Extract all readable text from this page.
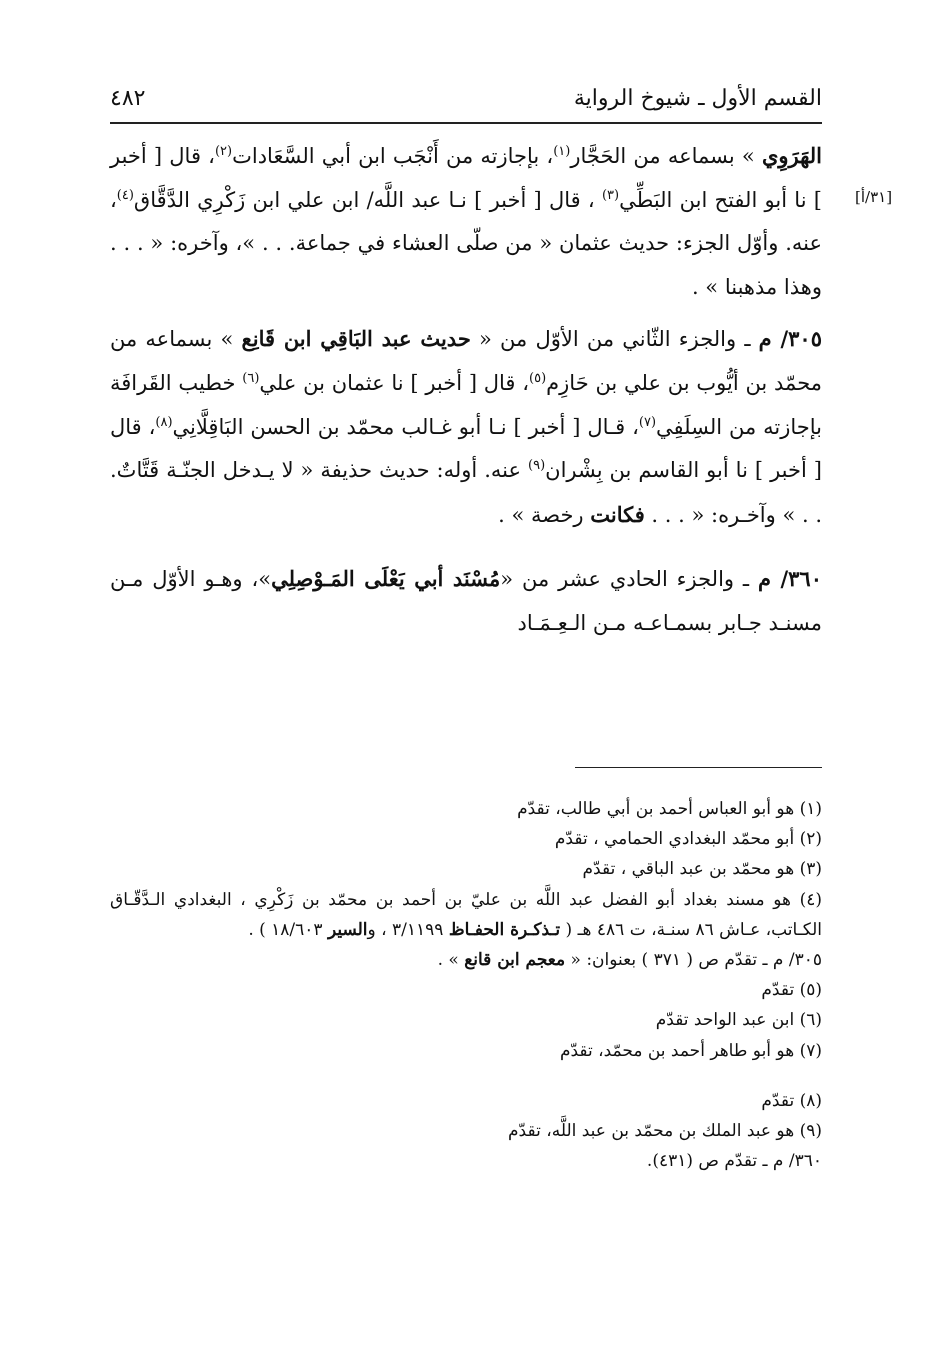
القسم الأول ـ شيوخ الرواية
٤٨٢
[٣١/أ]

الهَرَوِي » بسماعه من الحَجَّار$^{(١)}$، بإجازته من أَنْجَب ابن أبي السَّعَادات$^{(٢)}$، قال [ أخبر ] نا أبو الفتح ابن البَطِّي$^{(٣)}$ ، قال [ أخبر ] نـا عبد اللَّه/ ابن علي ابن زَكْرِي الدَّقَّاق$^{(٤)}$، عنه. وأوّل الجزء: حديث عثمان « من صلّى العشاء في جماعة. . . »، وآخره: « . . . وهذا مذهبنا » .

٣٠٥/ م ـ والجزء الثّاني من الأوّل من « حديث عبد البَاقِي ابن قَانِع » بسماعه من محمّد بن أيُّوب بن علي بن حَازِم$^{(٥)}$، قال [ أخبر ] نا عثمان بن علي$^{(٦)}$ خطيب القَرافَة بإجازته من السِلَفِي$^{(٧)}$، قـال [ أخبر ] نـا أبو غـالب محمّد بن الحسن البَاقِلَّانِي$^{(٨)}$، قال [ أخبر ] نا أبو القاسم بن بِشْران$^{(٩)}$ عنه. أوله: حديث حذيفة « لا يـدخل الجنّـة قَتَّاتٌ. . . » وآخـره: « . . . فكانت رخصة » .

٣٦٠/ م ـ والجزء الحادي عشر من «مُسْنَد أبي يَعْلَى المَـوْصِلِي»، وهـو الأوّل مـن مسنـد جـابر بسمـاعـه مـن الـعِـمَـاد

(١) هو أبو العباس أحمد بن أبي طالب، تقدّم

(٢) أبو محمّد البغدادي الحمامي ، تقدّم

(٣) هو محمّد بن عبد الباقي ، تقدّم

(٤) هو مسند بغداد أبو الفضل عبد اللَّه بن عليّ بن أحمد بن محمّد بن زَكْرِي ، البغدادي الـدَّقّـاق الكـاتب، عـاش ٨٦ سنـة، ت ٤٨٦ هـ ( تـذكـرة الحفـاظ ٣/١١٩٩ ، والسير ١٨/٦٠٣ ) .

٣٠٥/ م ـ تقدّم ص ( ٣٧١ ) بعنوان: « معجم ابن قانع » .

(٥) تقدّم

(٦) ابن عبد الواحد تقدّم

(٧) هو أبو طاهر أحمد بن محمّد، تقدّم

(٨) تقدّم

(٩) هو عبد الملك بن محمّد بن عبد اللَّه، تقدّم

٣٦٠/ م ـ تقدّم ص (٤٣١).
